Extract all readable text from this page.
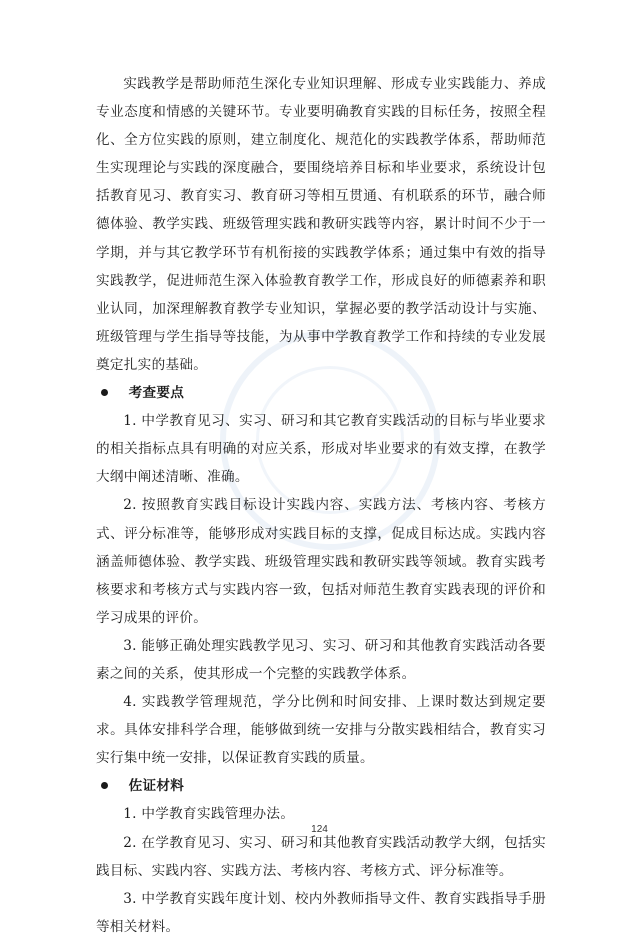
实践教学是帮助师范生深化专业知识理解、形成专业实践能力、养成专业态度和情感的关键环节。专业要明确教育实践的目标任务，按照全程化、全方位实践的原则，建立制度化、规范化的实践教学体系，帮助师范生实现理论与实践的深度融合，要围绕培养目标和毕业要求，系统设计包括教育见习、教育实习、教育研习等相互贯通、有机联系的环节，融合师德体验、教学实践、班级管理实践和教研实践等内容，累计时间不少于一学期，并与其它教学环节有机衔接的实践教学体系；通过集中有效的指导实践教学，促进师范生深入体验教育教学工作，形成良好的师德素养和职业认同，加深理解教育教学专业知识，掌握必要的教学活动设计与实施、班级管理与学生指导等技能，为从事中学教育教学工作和持续的专业发展奠定扎实的基础。

考查要点

1. 中学教育见习、实习、研习和其它教育实践活动的目标与毕业要求的相关指标点具有明确的对应关系，形成对毕业要求的有效支撑，在教学大纲中阐述清晰、准确。

2. 按照教育实践目标设计实践内容、实践方法、考核内容、考核方式、评分标准等，能够形成对实践目标的支撑，促成目标达成。实践内容涵盖师德体验、教学实践、班级管理实践和教研实践等领域。教育实践考核要求和考核方式与实践内容一致，包括对师范生教育实践表现的评价和学习成果的评价。

3. 能够正确处理实践教学见习、实习、研习和其他教育实践活动各要素之间的关系，使其形成一个完整的实践教学体系。

4. 实践教学管理规范，学分比例和时间安排、上课时数达到规定要求。具体安排科学合理，能够做到统一安排与分散实践相结合，教育实习实行集中统一安排，以保证教育实践的质量。

佐证材料

1. 中学教育实践管理办法。

2. 在学教育见习、实习、研习和其他教育实践活动教学大纲，包括实践目标、实践内容、实践方法、考核内容、考核方式、评分标准等。

3. 中学教育实践年度计划、校内外教师指导文件、教育实践指导手册等相关材料。

124
